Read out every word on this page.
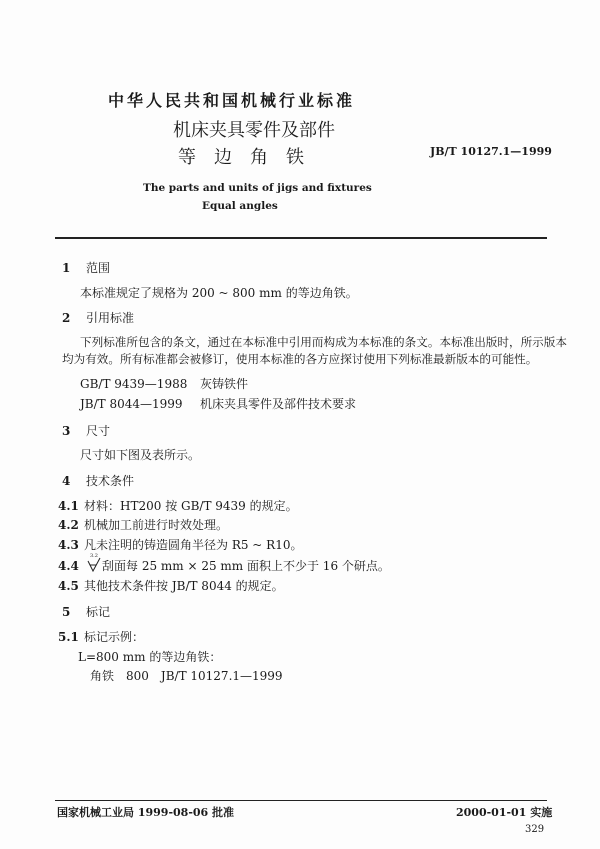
中华人民共和国机械行业标准
机床夹具零件及部件
等　边　角　铁	JB/T 10127.1—1999
The parts and units of jigs and fixtures
Equal angles
1 范围
本标准规定了规格为 200 ~ 800 mm 的等边角铁。
2 引用标准
下列标准所包含的条文，通过在本标准中引用而构成为本标准的条文。本标准出版时，所示版本
均为有效。所有标准都会被修订，使用本标准的各方应探讨使用下列标准最新版本的可能性。
GB/T 9439—1988 灰铸铁件
JB/T 8044—1999 机床夹具零件及部件技术要求
3 尺寸
尺寸如下图及表所示。
4 技术条件
4.1 材料：HT200 按 GB/T 9439 的规定。
4.2 机械加工前进行时效处理。
4.3 凡未注明的铸造圆角半径为 R5 ~ R10。
4.4
3.2
刮面每 25 mm × 25 mm 面积上不少于 16 个研点。
4.5 其他技术条件按 JB/T 8044 的规定。
5 标记
5.1 标记示例：
L=800 mm 的等边角铁：
角铁　800　JB/T 10127.1—1999
国家机械工业局 1999-08-06 批准	2000-01-01 实施
329
